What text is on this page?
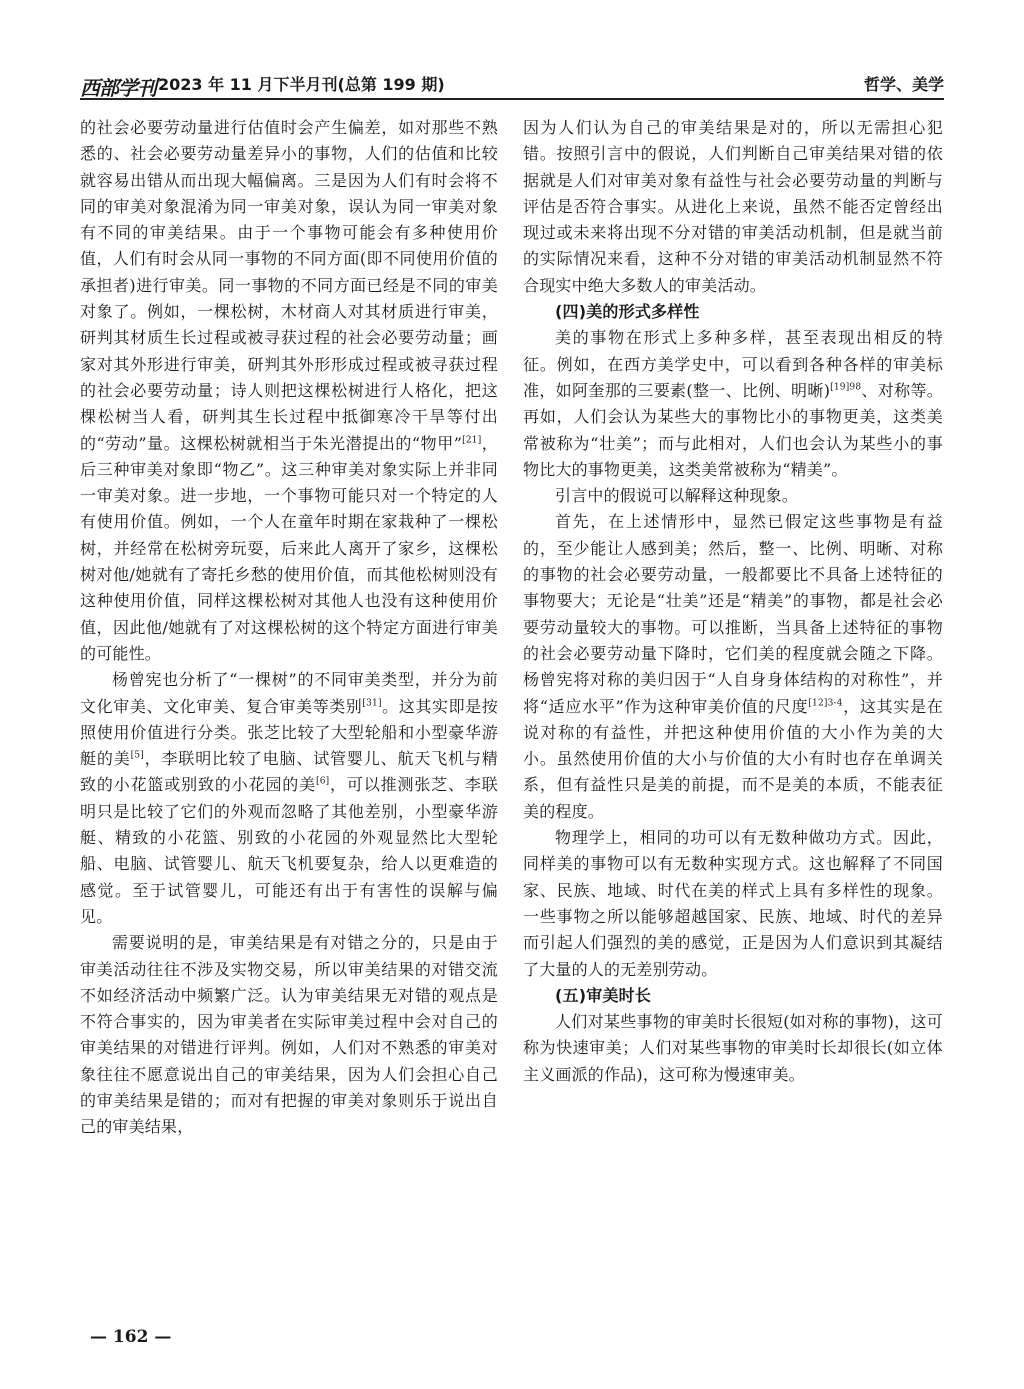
西部学刊 2023 年 11 月下半月刊(总第 199 期)	哲学、美学

的社会必要劳动量进行估值时会产生偏差，如对那些不熟悉的、社会必要劳动量差异小的事物，人们的估值和比较就容易出错从而出现大幅偏离。三是因为人们有时会将不同的审美对象混淆为同一审美对象，误认为同一审美对象有不同的审美结果。由于一个事物可能会有多种使用价值，人们有时会从同一事物的不同方面(即不同使用价值的承担者)进行审美。同一事物的不同方面已经是不同的审美对象了。例如，一棵松树，木材商人对其材质进行审美，研判其材质生长过程或被寻获过程的社会必要劳动量；画家对其外形进行审美，研判其外形形成过程或被寻获过程的社会必要劳动量；诗人则把这棵松树进行人格化，把这棵松树当人看，研判其生长过程中抵御寒冷干旱等付出的“劳动”量。这棵松树就相当于朱光潜提出的“物甲”[21]，后三种审美对象即“物乙”。这三种审美对象实际上并非同一审美对象。进一步地，一个事物可能只对一个特定的人有使用价值。例如，一个人在童年时期在家栽种了一棵松树，并经常在松树旁玩耍，后来此人离开了家乡，这棵松树对他/她就有了寄托乡愁的使用价值，而其他松树则没有这种使用价值，同样这棵松树对其他人也没有这种使用价值，因此他/她就有了对这棵松树的这个特定方面进行审美的可能性。

杨曾宪也分析了“一棵树”的不同审美类型，并分为前文化审美、文化审美、复合审美等类别[31]。这其实即是按照使用价值进行分类。张芝比较了大型轮船和小型豪华游艇的美[5]，李联明比较了电脑、试管婴儿、航天飞机与精致的小花篮或别致的小花园的美[6]，可以推测张芝、李联明只是比较了它们的外观而忽略了其他差别，小型豪华游艇、精致的小花篮、别致的小花园的外观显然比大型轮船、电脑、试管婴儿、航天飞机要复杂，给人以更难造的感觉。至于试管婴儿，可能还有出于有害性的误解与偏见。

需要说明的是，审美结果是有对错之分的，只是由于审美活动往往不涉及实物交易，所以审美结果的对错交流不如经济活动中频繁广泛。认为审美结果无对错的观点是不符合事实的，因为审美者在实际审美过程中会对自己的审美结果的对错进行评判。例如，人们对不熟悉的审美对象往往不愿意说出自己的审美结果，因为人们会担心自己的审美结果是错的；而对有把握的审美对象则乐于说出自己的审美结果，

因为人们认为自己的审美结果是对的，所以无需担心犯错。按照引言中的假说，人们判断自己审美结果对错的依据就是人们对审美对象有益性与社会必要劳动量的判断与评估是否符合事实。从进化上来说，虽然不能否定曾经出现过或未来将出现不分对错的审美活动机制，但是就当前的实际情况来看，这种不分对错的审美活动机制显然不符合现实中绝大多数人的审美活动。

(四)美的形式多样性

美的事物在形式上多种多样，甚至表现出相反的特征。例如，在西方美学史中，可以看到各种各样的审美标准，如阿奎那的三要素(整一、比例、明晰)$^{[19]98}$、对称等。再如，人们会认为某些大的事物比小的事物更美，这类美常被称为“壮美”；而与此相对，人们也会认为某些小的事物比大的事物更美，这类美常被称为“精美”。

引言中的假说可以解释这种现象。

首先，在上述情形中，显然已假定这些事物是有益的，至少能让人感到美；然后，整一、比例、明晰、对称的事物的社会必要劳动量，一般都要比不具备上述特征的事物要大；无论是“壮美”还是“精美”的事物，都是社会必要劳动量较大的事物。可以推断，当具备上述特征的事物的社会必要劳动量下降时，它们美的程度就会随之下降。杨曾宪将对称的美归因于“人自身身体结构的对称性”，并将“适应水平”作为这种审美价值的尺度$^{[12]3-4}$，这其实是在说对称的有益性，并把这种使用价值的大小作为美的大小。虽然使用价值的大小与价值的大小有时也存在单调关系，但有益性只是美的前提，而不是美的本质，不能表征美的程度。

物理学上，相同的功可以有无数种做功方式。因此，同样美的事物可以有无数种实现方式。这也解释了不同国家、民族、地域、时代在美的样式上具有多样性的现象。一些事物之所以能够超越国家、民族、地域、时代的差异而引起人们强烈的美的感觉，正是因为人们意识到其凝结了大量的人的无差别劳动。

(五)审美时长

人们对某些事物的审美时长很短(如对称的事物)，这可称为快速审美；人们对某些事物的审美时长却很长(如立体主义画派的作品)，这可称为慢速审美。

— 162 —
